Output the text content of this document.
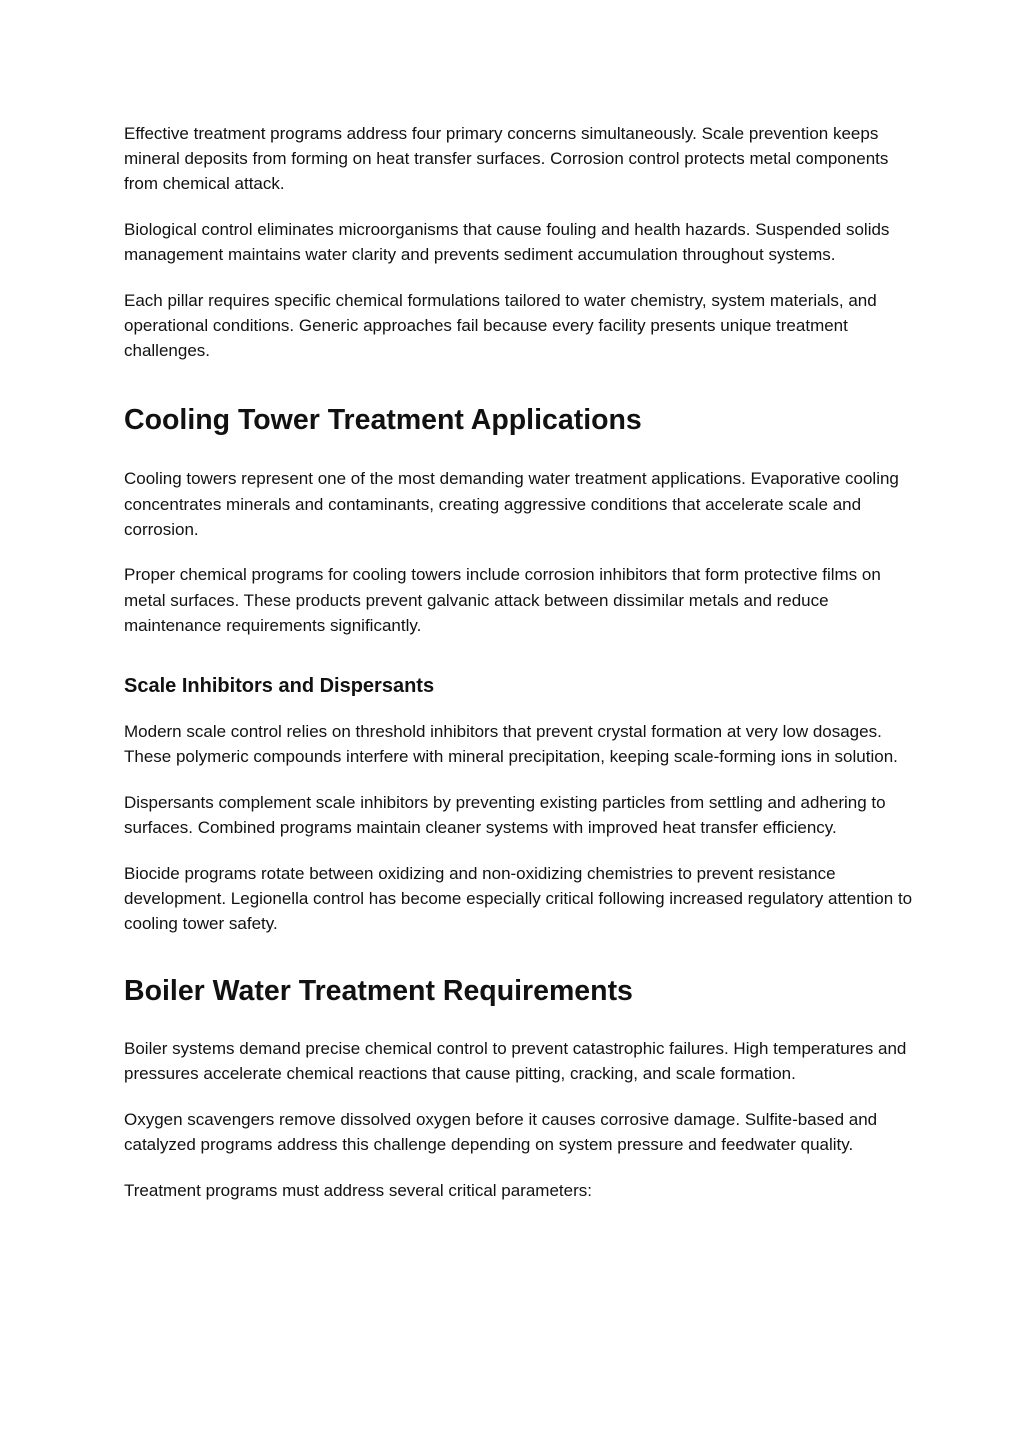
Effective treatment programs address four primary concerns simultaneously. Scale prevention keeps mineral deposits from forming on heat transfer surfaces. Corrosion control protects metal components from chemical attack.

Biological control eliminates microorganisms that cause fouling and health hazards. Suspended solids management maintains water clarity and prevents sediment accumulation throughout systems.

Each pillar requires specific chemical formulations tailored to water chemistry, system materials, and operational conditions. Generic approaches fail because every facility presents unique treatment challenges.

Cooling Tower Treatment Applications

Cooling towers represent one of the most demanding water treatment applications. Evaporative cooling concentrates minerals and contaminants, creating aggressive conditions that accelerate scale and corrosion.

Proper chemical programs for cooling towers include corrosion inhibitors that form protective films on metal surfaces. These products prevent galvanic attack between dissimilar metals and reduce maintenance requirements significantly.

Scale Inhibitors and Dispersants

Modern scale control relies on threshold inhibitors that prevent crystal formation at very low dosages. These polymeric compounds interfere with mineral precipitation, keeping scale-forming ions in solution.

Dispersants complement scale inhibitors by preventing existing particles from settling and adhering to surfaces. Combined programs maintain cleaner systems with improved heat transfer efficiency.

Biocide programs rotate between oxidizing and non-oxidizing chemistries to prevent resistance development. Legionella control has become especially critical following increased regulatory attention to cooling tower safety.

Boiler Water Treatment Requirements

Boiler systems demand precise chemical control to prevent catastrophic failures. High temperatures and pressures accelerate chemical reactions that cause pitting, cracking, and scale formation.

Oxygen scavengers remove dissolved oxygen before it causes corrosive damage. Sulfite-based and catalyzed programs address this challenge depending on system pressure and feedwater quality.

Treatment programs must address several critical parameters:
